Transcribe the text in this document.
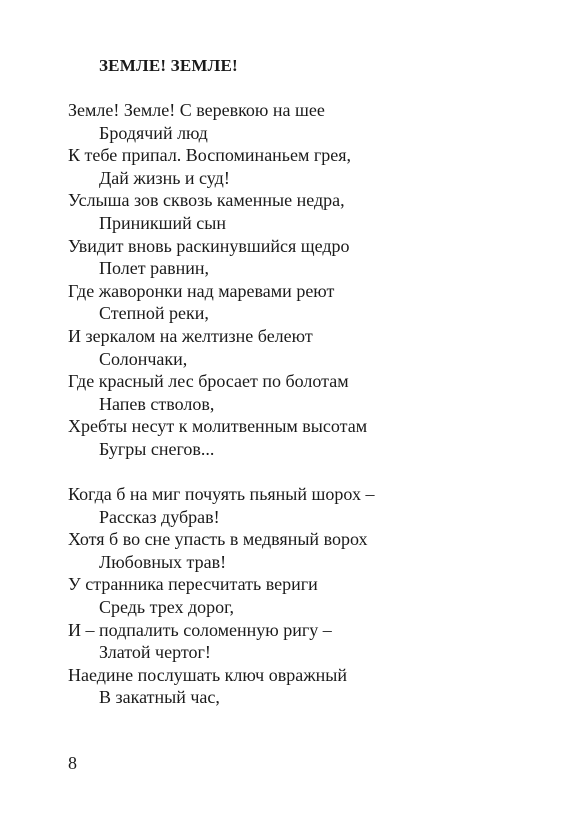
ЗЕМЛЕ! ЗЕМЛЕ!
Земле! Земле! С веревкою на шее
Бродячий люд
К тебе припал. Воспоминаньем грея,
Дай жизнь и суд!
Услыша зов сквозь каменные недра,
Приникший сын
Увидит вновь раскинувшийся щедро
Полет равнин,
Где жаворонки над маревами реют
Степной реки,
И зеркалом на желтизне белеют
Солончаки,
Где красный лес бросает по болотам
Напев стволов,
Хребты несут к молитвенным высотам
Бугры снегов...
Когда б на миг почуять пьяный шорох –
Рассказ дубрав!
Хотя б во сне упасть в медвяный ворох
Любовных трав!
У странника пересчитать вериги
Средь трех дорог,
И – подпалить соломенную ригу –
Златой чертог!
Наедине послушать ключ овражный
В закатный час,
8
